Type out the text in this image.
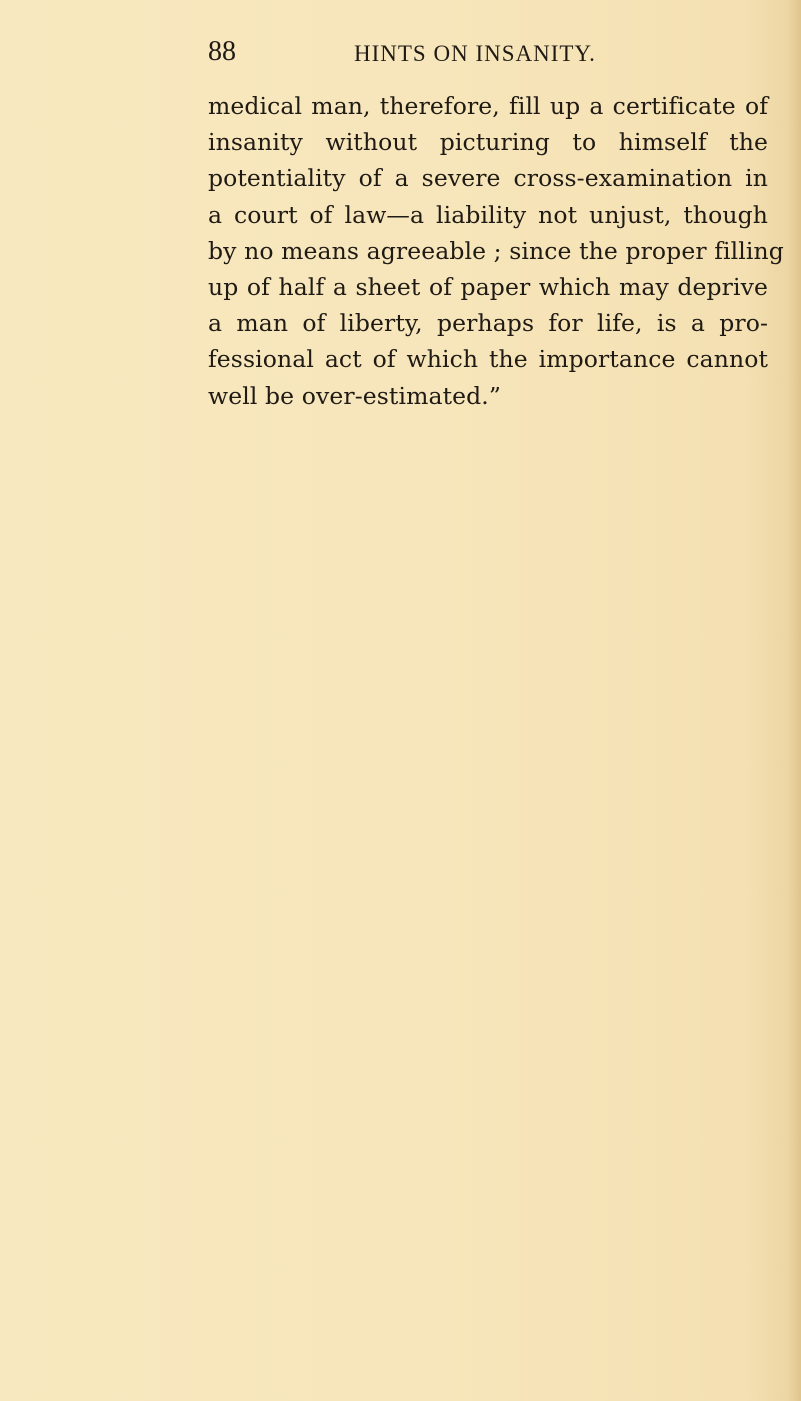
88	HINTS ON INSANITY.
medical man, therefore, fill up a certificate of
insanity without picturing to himself the
potentiality of a severe cross-examination in
a court of law—a liability not unjust, though
by no means agreeable ; since the proper filling
up of half a sheet of paper which may deprive
a man of liberty, perhaps for life, is a pro-
fessional act of which the importance cannot
well be over-estimated.”
